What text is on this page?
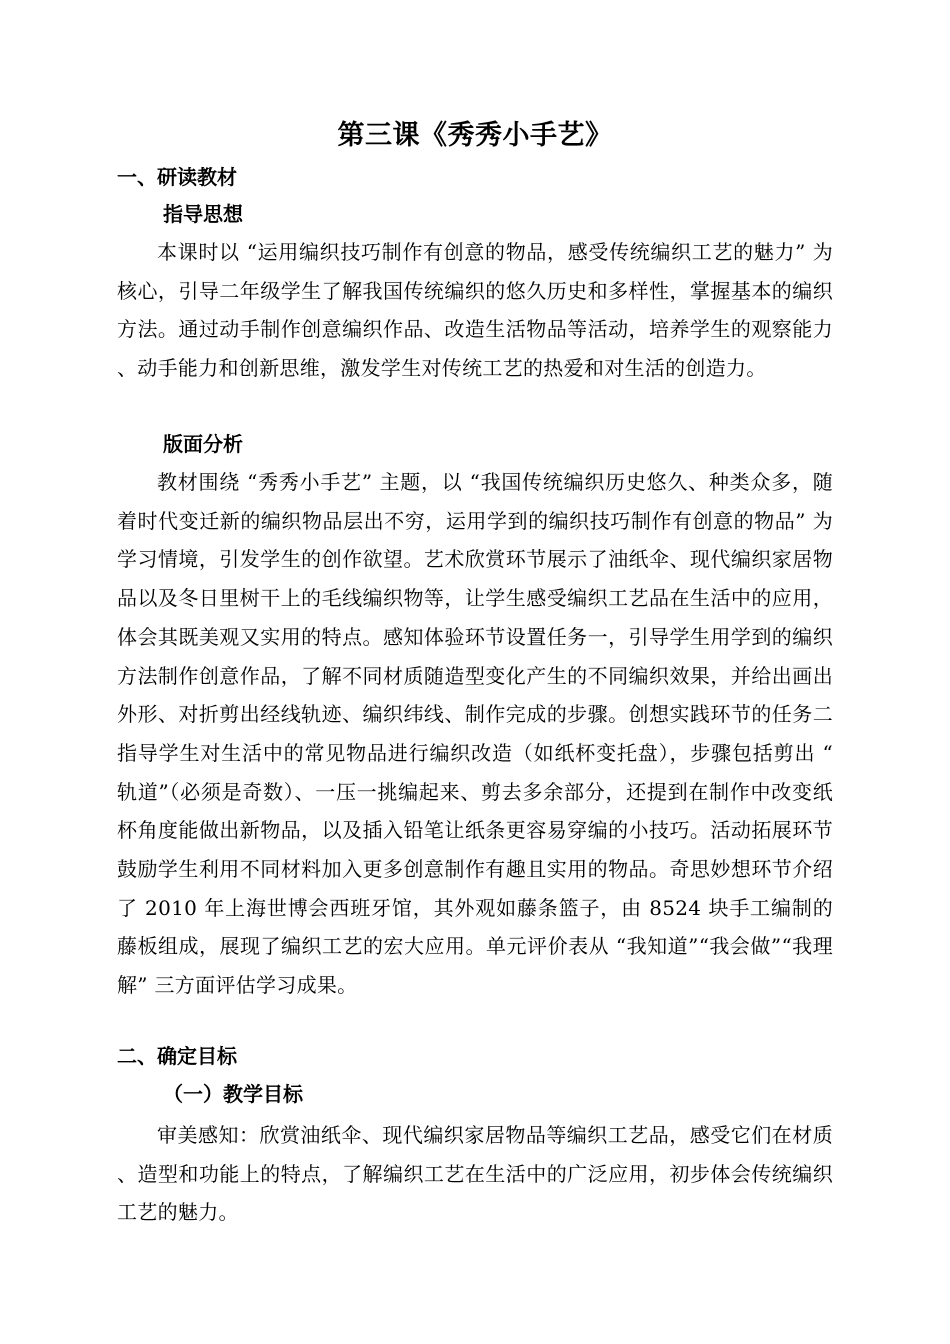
第三课《秀秀小手艺》
一、研读教材
指导思想
本课时以 “运用编织技巧制作有创意的物品，感受传统编织工艺的魅力” 为核心，引导二年级学生了解我国传统编织的悠久历史和多样性，掌握基本的编织方法。通过动手制作创意编织作品、改造生活物品等活动，培养学生的观察能力、动手能力和创新思维，激发学生对传统工艺的热爱和对生活的创造力。
版面分析
教材围绕 “秀秀小手艺” 主题，以 “我国传统编织历史悠久、种类众多，随着时代变迁新的编织物品层出不穷，运用学到的编织技巧制作有创意的物品” 为学习情境，引发学生的创作欲望。艺术欣赏环节展示了油纸伞、现代编织家居物品以及冬日里树干上的毛线编织物等，让学生感受编织工艺品在生活中的应用，体会其既美观又实用的特点。感知体验环节设置任务一，引导学生用学到的编织方法制作创意作品，了解不同材质随造型变化产生的不同编织效果，并给出画出外形、对折剪出经线轨迹、编织纬线、制作完成的步骤。创想实践环节的任务二指导学生对生活中的常见物品进行编织改造（如纸杯变托盘），步骤包括剪出 “轨道”（必须是奇数）、一压一挑编起来、剪去多余部分，还提到在制作中改变纸杯角度能做出新物品，以及插入铅笔让纸条更容易穿编的小技巧。活动拓展环节鼓励学生利用不同材料加入更多创意制作有趣且实用的物品。奇思妙想环节介绍了 2010 年上海世博会西班牙馆，其外观如藤条篮子，由 8524 块手工编制的藤板组成，展现了编织工艺的宏大应用。单元评价表从 “我知道”“我会做”“我理解” 三方面评估学习成果。
二、确定目标
（一）教学目标
审美感知：欣赏油纸伞、现代编织家居物品等编织工艺品，感受它们在材质、造型和功能上的特点，了解编织工艺在生活中的广泛应用，初步体会传统编织工艺的魅力。
